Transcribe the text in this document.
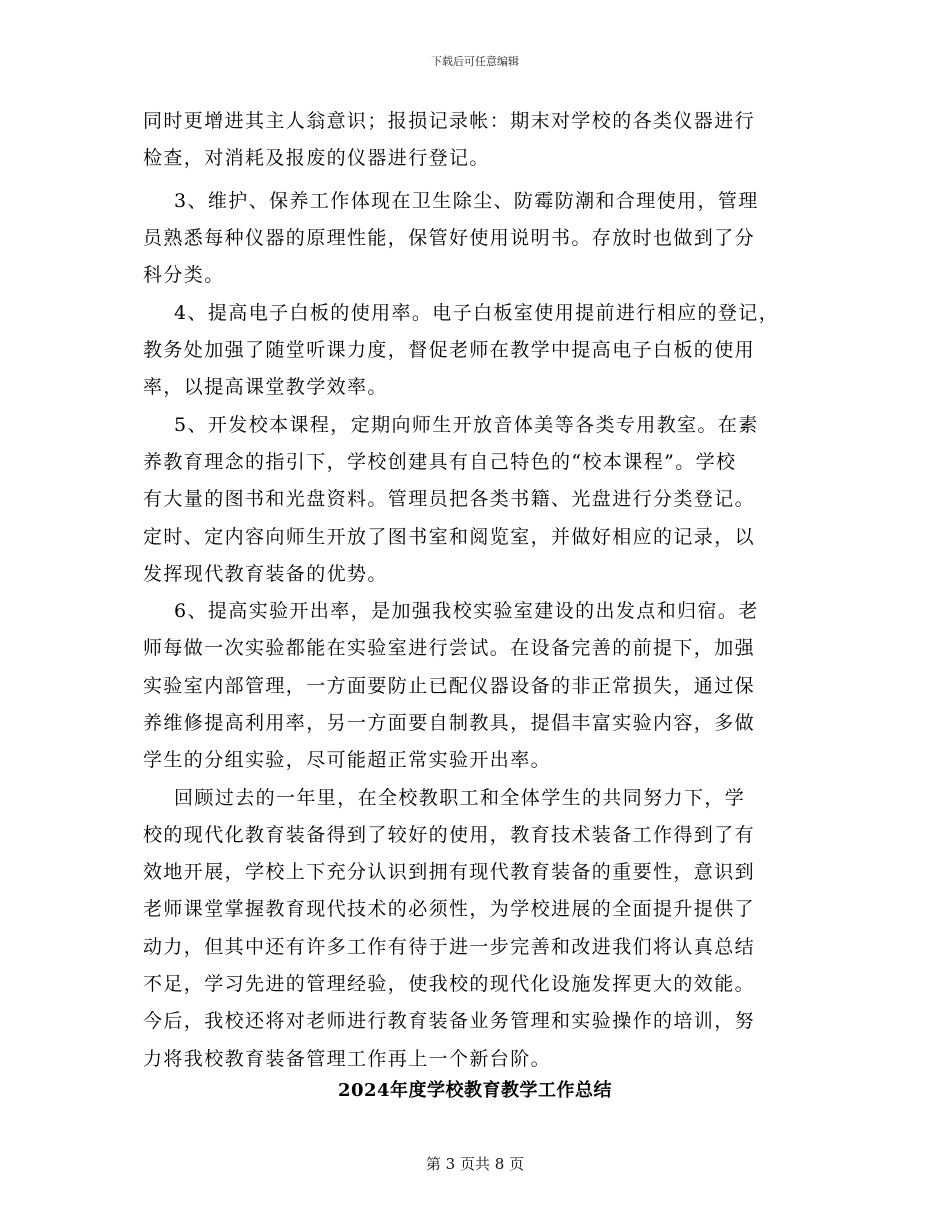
下载后可任意编辑
同时更增进其主人翁意识；报损记录帐：期末对学校的各类仪器进行
检查，对消耗及报废的仪器进行登记。
3、维护、保养工作体现在卫生除尘、防霉防潮和合理使用，管理
员熟悉每种仪器的原理性能，保管好使用说明书。存放时也做到了分
科分类。
4、提高电子白板的使用率。电子白板室使用提前进行相应的登记，
教务处加强了随堂听课力度，督促老师在教学中提高电子白板的使用
率，以提高课堂教学效率。
5、开发校本课程，定期向师生开放音体美等各类专用教室。在素
养教育理念的指引下，学校创建具有自己特色的“校本课程”。学校
有大量的图书和光盘资料。管理员把各类书籍、光盘进行分类登记。
定时、定内容向师生开放了图书室和阅览室，并做好相应的记录，以
发挥现代教育装备的优势。
6、提高实验开出率，是加强我校实验室建设的出发点和归宿。老
师每做一次实验都能在实验室进行尝试。在设备完善的前提下，加强
实验室内部管理，一方面要防止已配仪器设备的非正常损失，通过保
养维修提高利用率，另一方面要自制教具，提倡丰富实验内容，多做
学生的分组实验，尽可能超正常实验开出率。
回顾过去的一年里，在全校教职工和全体学生的共同努力下，学
校的现代化教育装备得到了较好的使用，教育技术装备工作得到了有
效地开展，学校上下充分认识到拥有现代教育装备的重要性，意识到
老师课堂掌握教育现代技术的必须性，为学校进展的全面提升提供了
动力，但其中还有许多工作有待于进一步完善和改进我们将认真总结
不足，学习先进的管理经验，使我校的现代化设施发挥更大的效能。
今后，我校还将对老师进行教育装备业务管理和实验操作的培训，努
力将我校教育装备管理工作再上一个新台阶。
2024年度学校教育教学工作总结
第 3 页共 8 页
